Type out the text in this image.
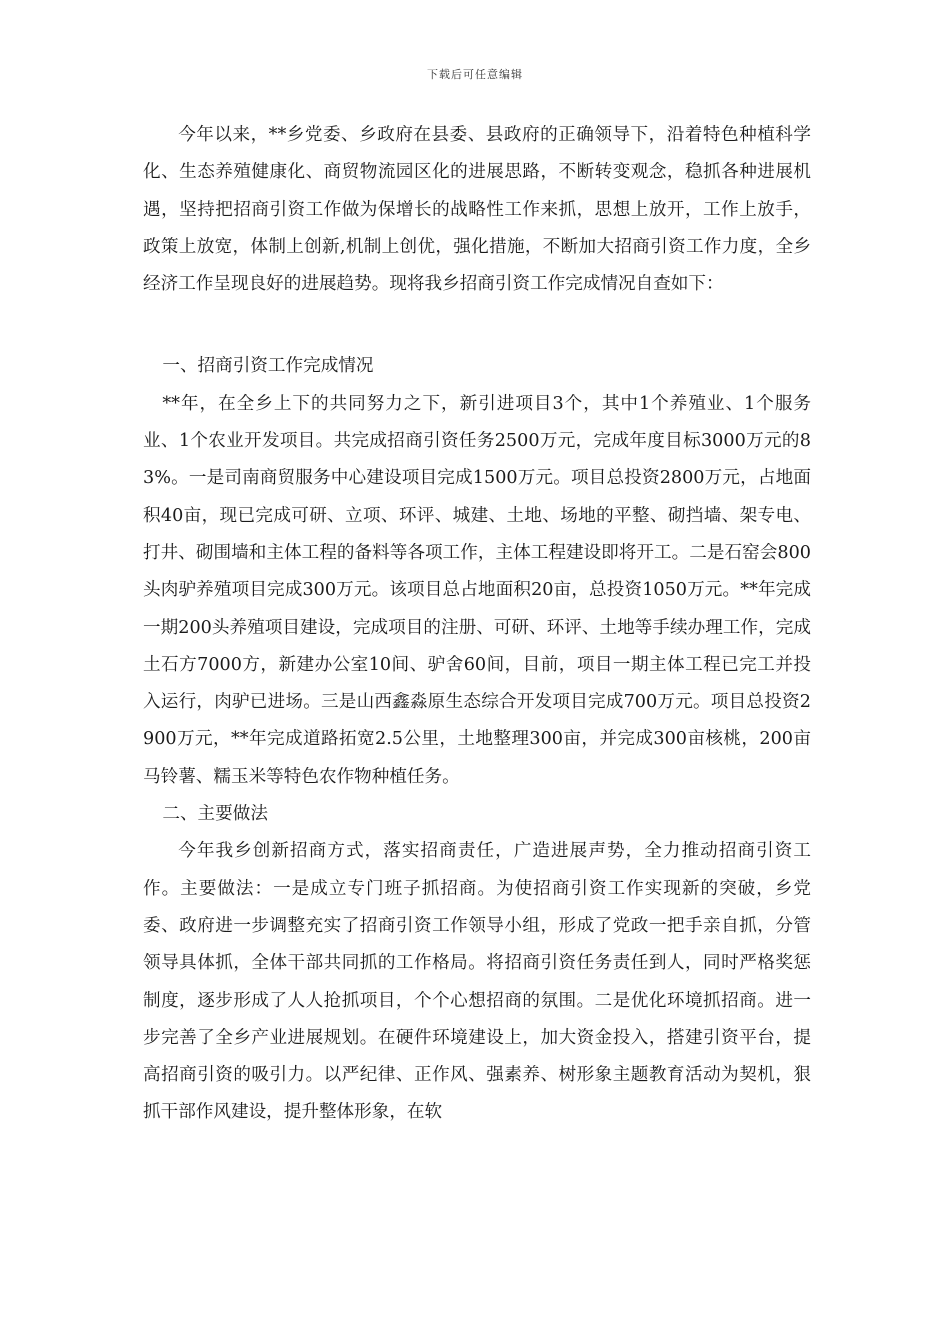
下载后可任意编辑

今年以来，**乡党委、乡政府在县委、县政府的正确领导下，沿着特色种植科学化、生态养殖健康化、商贸物流园区化的进展思路，不断转变观念，稳抓各种进展机遇，坚持把招商引资工作做为保增长的战略性工作来抓，思想上放开，工作上放手，政策上放宽，体制上创新,机制上创优，强化措施，不断加大招商引资工作力度，全乡经济工作呈现良好的进展趋势。现将我乡招商引资工作完成情况自查如下：

一、招商引资工作完成情况

**年，在全乡上下的共同努力之下，新引进项目3个，其中1个养殖业、1个服务业、1个农业开发项目。共完成招商引资任务2500万元，完成年度目标3000万元的83%。一是司南商贸服务中心建设项目完成1500万元。项目总投资2800万元，占地面积40亩，现已完成可研、立项、环评、城建、土地、场地的平整、砌挡墙、架专电、打井、砌围墙和主体工程的备料等各项工作，主体工程建设即将开工。二是石窑会800头肉驴养殖项目完成300万元。该项目总占地面积20亩，总投资1050万元。**年完成一期200头养殖项目建设，完成项目的注册、可研、环评、土地等手续办理工作，完成土石方7000方，新建办公室10间、驴舍60间，目前，项目一期主体工程已完工并投入运行，肉驴已进场。三是山西鑫淼原生态综合开发项目完成700万元。项目总投资2900万元，**年完成道路拓宽2.5公里，土地整理300亩，并完成300亩核桃，200亩马铃薯、糯玉米等特色农作物种植任务。

二、主要做法

今年我乡创新招商方式，落实招商责任，广造进展声势，全力推动招商引资工作。主要做法：一是成立专门班子抓招商。为使招商引资工作实现新的突破，乡党委、政府进一步调整充实了招商引资工作领导小组，形成了党政一把手亲自抓，分管领导具体抓，全体干部共同抓的工作格局。将招商引资任务责任到人，同时严格奖惩制度，逐步形成了人人抢抓项目，个个心想招商的氛围。二是优化环境抓招商。进一步完善了全乡产业进展规划。在硬件环境建设上，加大资金投入，搭建引资平台，提高招商引资的吸引力。以严纪律、正作风、强素养、树形象主题教育活动为契机，狠抓干部作风建设，提升整体形象，在软
